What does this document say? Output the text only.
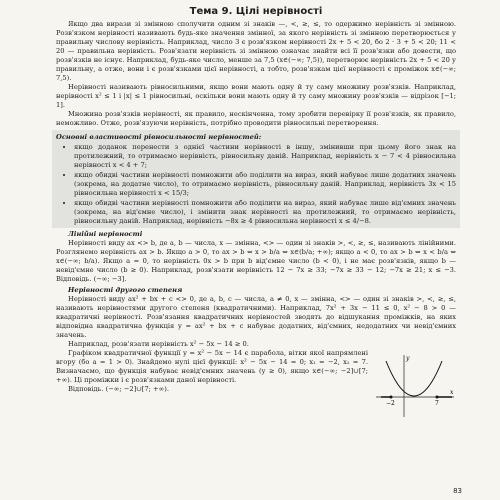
Тема 9. Цілі нерівності

Якщо два вирази зі змінною сполучити одним зі знаків —, <, ≥, ≤, то одержимо нерівність зі змінною. Розв'язком нерівності називають будь-яке значення змінної, за якого нерівність зі змінною перетворюється у правильну числову нерівність. Наприклад, число 3 є розв'язком нерівності 2x + 5 < 20, бо 2 · 3 + 5 < 20; 11 < 20 — правильна нерівність. Розв'язати нерівність зі змінною означає знайти всі її розв'язки або довести, що розв'язків не існує. Наприклад, будь-яке число, менше за 7,5 (x∈(−∞; 7,5)), перетворює нерівність 2x + 5 < 20 у правильну, а отже, вони і є розв'язками цієї нерівності, а тобто, розв'язкам цієї нерівності є проміжок x∈(−∞; 7,5).

Нерівності називають рівносильними, якщо вони мають одну й ту саму множину розв'язків. Наприклад, нерівності x² ≤ 1 і |x| ≤ 1 рівносильні, оскільки вони мають одну й ту саму множину розв'язків — відрізок [−1; 1].

Множина розв'язків нерівності, як правило, нескінченна, тому зробити перевірку її розв'язків, як правило, неможливо. Отже, розв'язуючи нерівність, потрібно проводити рівносильні перетворення.

Основні властивості рівносильності нерівностей:

• якщо доданок перенести з однієї частини нерівності в іншу, змінивши при цьому його знак на протилежний, то отримаємо нерівність, рівносильну даній. Наприклад, нерівність x − 7 < 4 рівносильна нерівності x < 4 + 7;
• якщо обидві частини нерівності помножити або поділити на вираз, який набуває лише додатних значень (зокрема, на додатне число), то отримаємо нерівність, рівносильну даній. Наприклад, нерівність 3x < 15 рівносильна нерівності x < 15/3;
• якщо обидві частини нерівності помножити або поділити на вираз, який набуває лише від'ємних значень (зокрема, на від'ємне число), і змінити знак нерівності на протилежний, то отримаємо нерівність, рівносильну даній. Наприклад, нерівність −8x ≥ 4 рівносильна нерівності x ≤ 4/−8.

Лінійні нерівності

Нерівності виду ax <> b, де a, b — числа, x — змінна, <> — один зі знаків >, <, ≥, ≤, називають лінійними. Розглянемо нерівність ax > b. Якщо a > 0, то ax > b ⇔ x > b/a ⇔ x∈(b/a; +∞); якщо a < 0, то ax > b ⇔ x < b/a ⇔ x∈(−∞; b/a). Якщо a = 0, то нерівність 0x > b при b від'ємне число (b < 0), і не має розв'язків, якщо b — невід'ємне число (b ≥ 0). Наприклад, розв'язати нерівність 12 − 7x ≥ 33; −7x ≥ 33 − 12; −7x ≥ 21; x ≤ −3. Відповідь. (−∞; −3].

Нерівності другого степеня

Нерівності виду ax² + bx + c <> 0, де a, b, c — числа, a ≠ 0, x — змінна, <> — один зі знаків >, <, ≥, ≤, називають нерівностями другого степеня (квадратичними). Наприклад, 7x² + 3x − 11 ≤ 0, x² − 8 > 0 — квадратичні нерівності. Розв'язання квадратичних нерівностей зводять до відшукання проміжків, на яких відповідна квадратична функція y = ax² + bx + c набуває додатних, від'ємних, недодатних чи невід'ємних значень.

Наприклад, розв'язати нерівність x² − 5x − 14 ≥ 0.

Графіком квадратичної функції y = x² − 5x − 14 є парабола, вітки якої напрямлені вгору (бо a = 1 > 0). Знайдемо нулі цієї функції: x² − 5x − 14 = 0; x₁ = −2, x₂ = 7. Визначаємо, що функція набуває невід'ємних значень (y ≥ 0), якщо x∈(−∞; −2]∪[7; +∞). Ці проміжки і є розв'язками даної нерівності.

Відповідь. (−∞; −2]∪[7; +∞).

−2	7
x
y
83
